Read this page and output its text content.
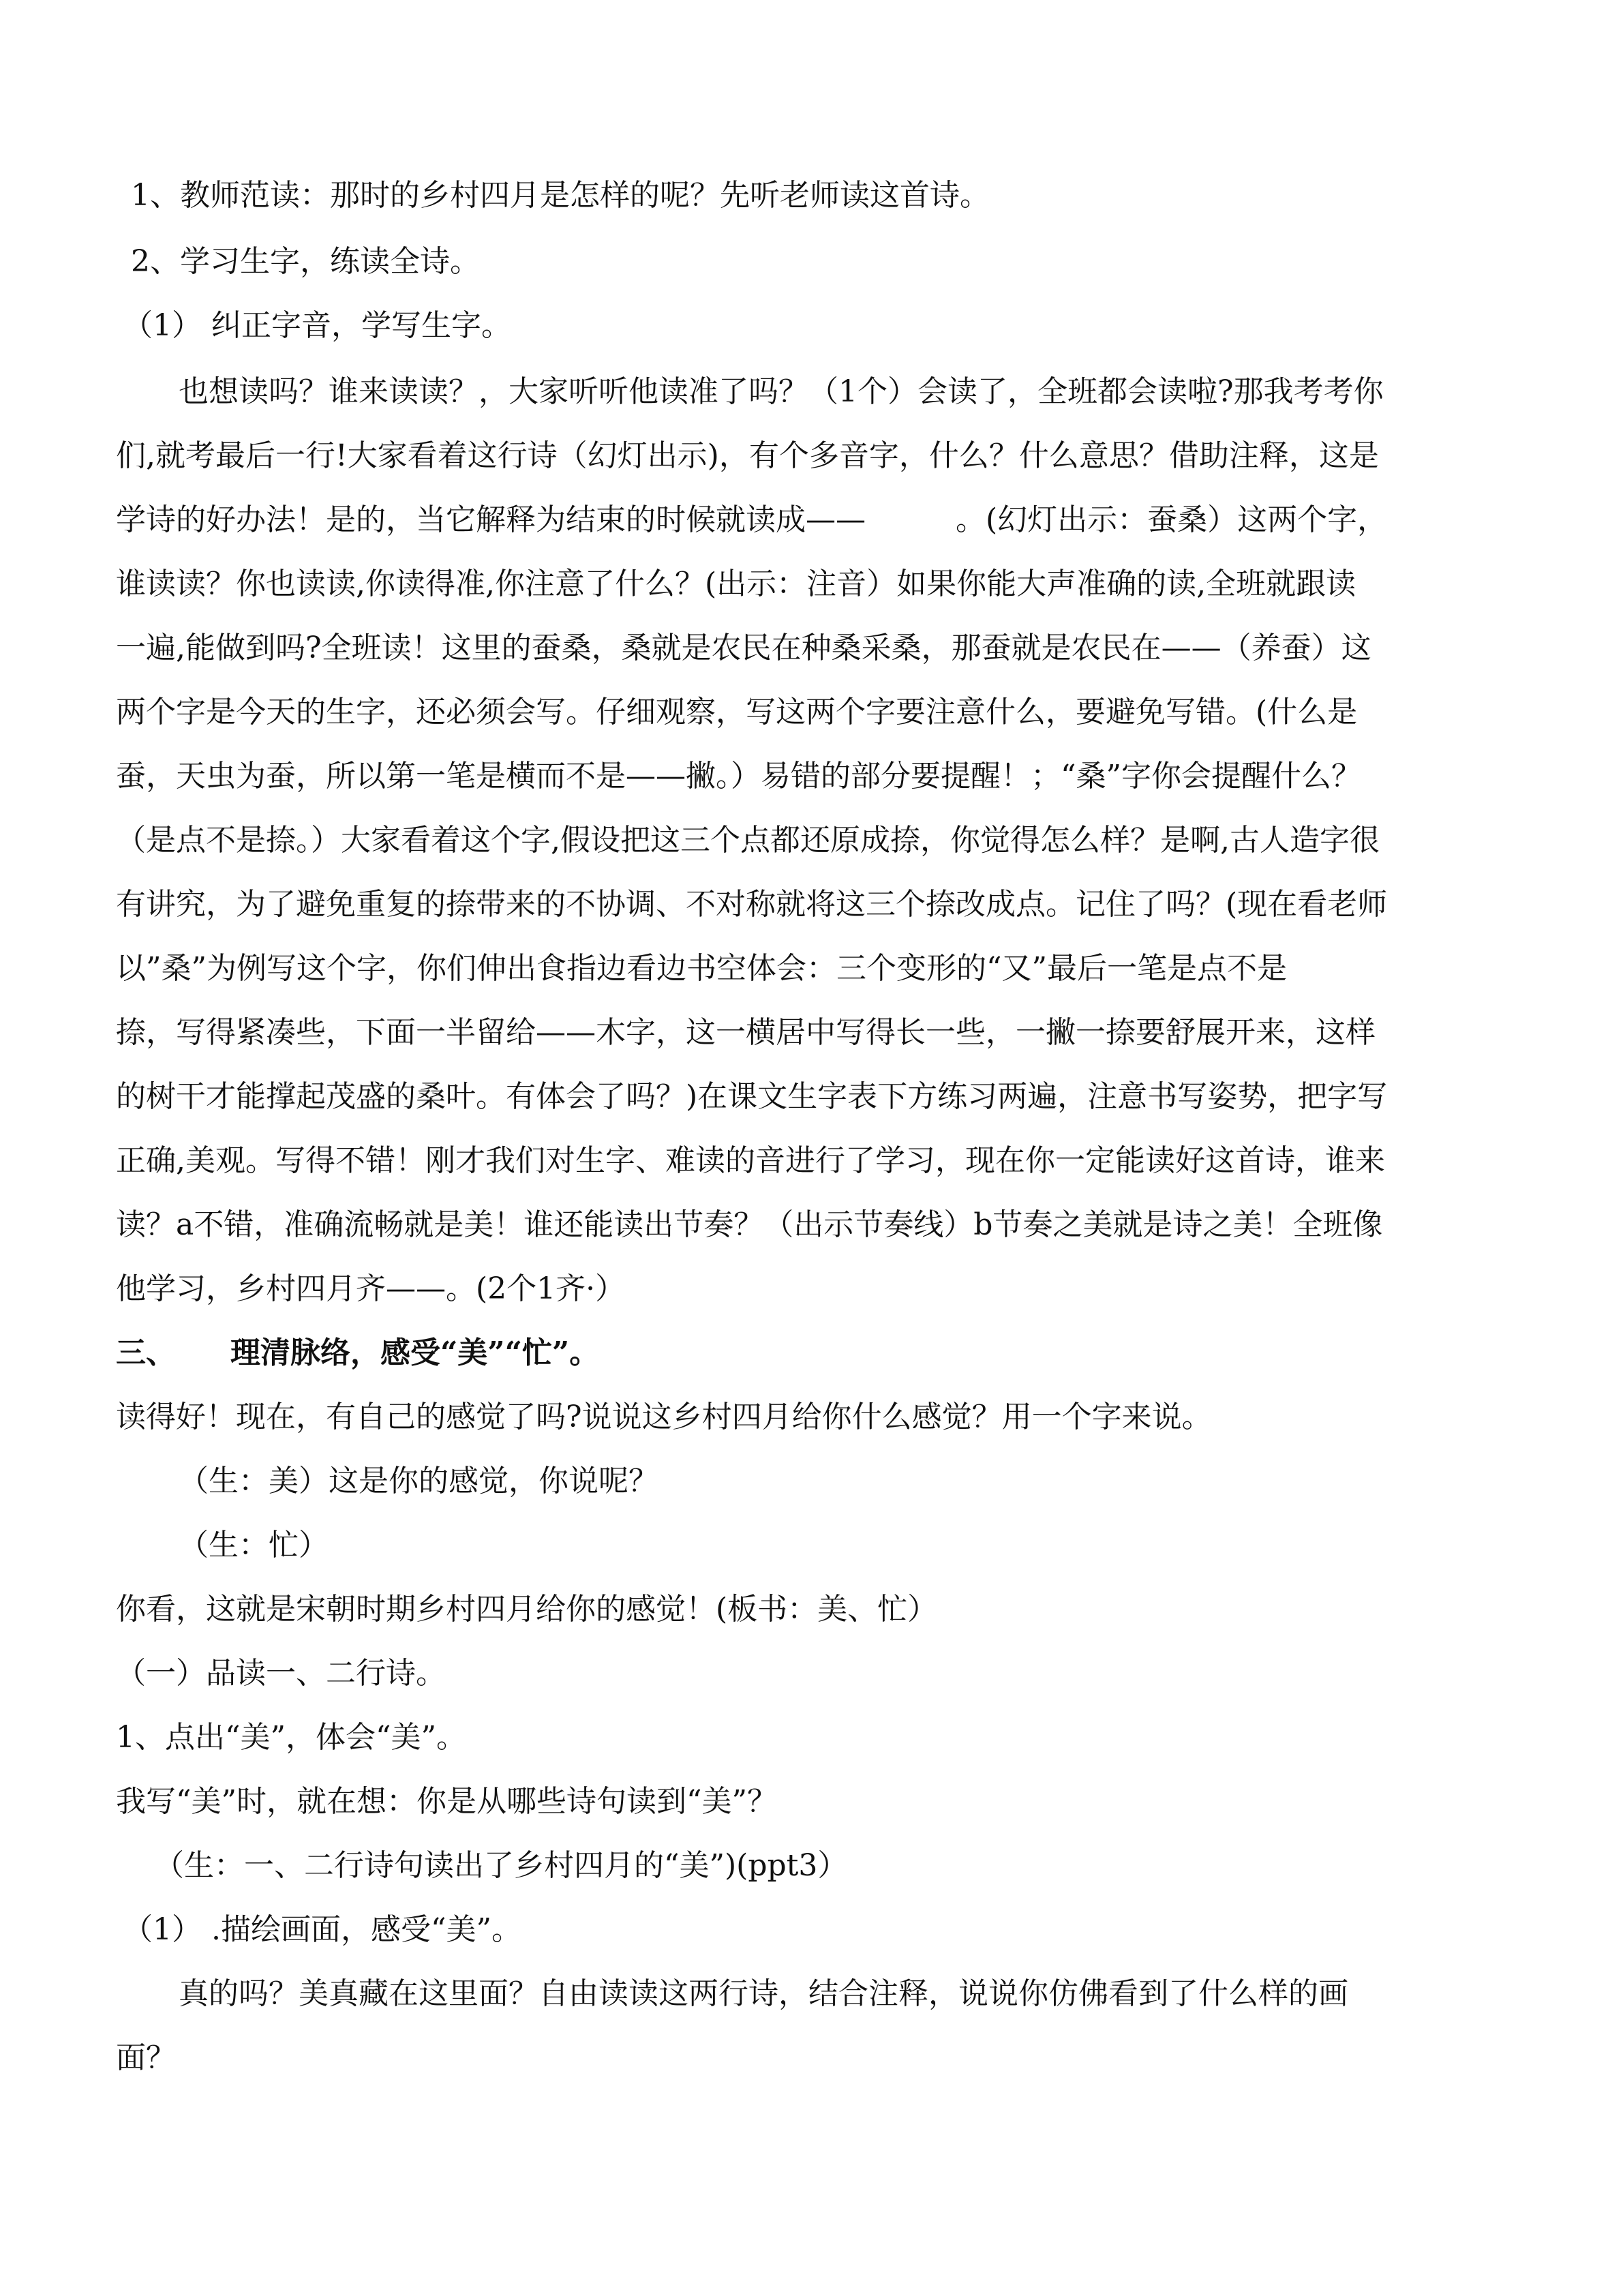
1、教师范读：那时的乡村四月是怎样的呢？先听老师读这首诗。
2、学习生字，练读全诗。
（1） 纠正字音，学写生字。
也想读吗？谁来读读？，大家听听他读准了吗？（1个）会读了，全班都会读啦?那我考考你
们,就考最后一行!大家看着这行诗（幻灯出示)，有个多音字，什么？什么意思？借助注释，这是
学诗的好办法！是的，当它解释为结束的时候就读成——　　　。(幻灯出示：蚕桑）这两个字，
谁读读？你也读读,你读得准,你注意了什么？(出示：注音）如果你能大声准确的读,全班就跟读
一遍,能做到吗?全班读！这里的蚕桑，桑就是农民在种桑采桑，那蚕就是农民在——（养蚕）这
两个字是今天的生字，还必须会写。仔细观察，写这两个字要注意什么，要避免写错。(什么是
蚕，天虫为蚕，所以第一笔是横而不是——撇。）易错的部分要提醒！；“桑”字你会提醒什么？
（是点不是捺。）大家看着这个字,假设把这三个点都还原成捺，你觉得怎么样？是啊,古人造字很
有讲究，为了避免重复的捺带来的不协调、不对称就将这三个捺改成点。记住了吗？(现在看老师
以”桑”为例写这个字，你们伸出食指边看边书空体会：三个变形的“又”最后一笔是点不是
捺，写得紧凑些，下面一半留给——木字，这一横居中写得长一些，一撇一捺要舒展开来，这样
的树干才能撑起茂盛的桑叶。有体会了吗？)在课文生字表下方练习两遍，注意书写姿势，把字写
正确,美观。写得不错！刚才我们对生字、难读的音进行了学习，现在你一定能读好这首诗，谁来
读？a不错，准确流畅就是美！谁还能读出节奏？（出示节奏线）b节奏之美就是诗之美！全班像
他学习，乡村四月齐——。(2个1齐·）
三、 理清脉络，感受“美”“忙”。
读得好！现在，有自己的感觉了吗?说说这乡村四月给你什么感觉？用一个字来说。
（生：美）这是你的感觉，你说呢？
（生：忙）
你看，这就是宋朝时期乡村四月给你的感觉！(板书：美、忙）
（一）品读一、二行诗。
1、点出“美”，体会“美”。
我写“美”时，就在想：你是从哪些诗句读到“美”？
（生：一、二行诗句读出了乡村四月的“美”)(ppt3）
（1） .描绘画面，感受“美”。
真的吗？美真藏在这里面？自由读读这两行诗，结合注释，说说你仿佛看到了什么样的画
面？
